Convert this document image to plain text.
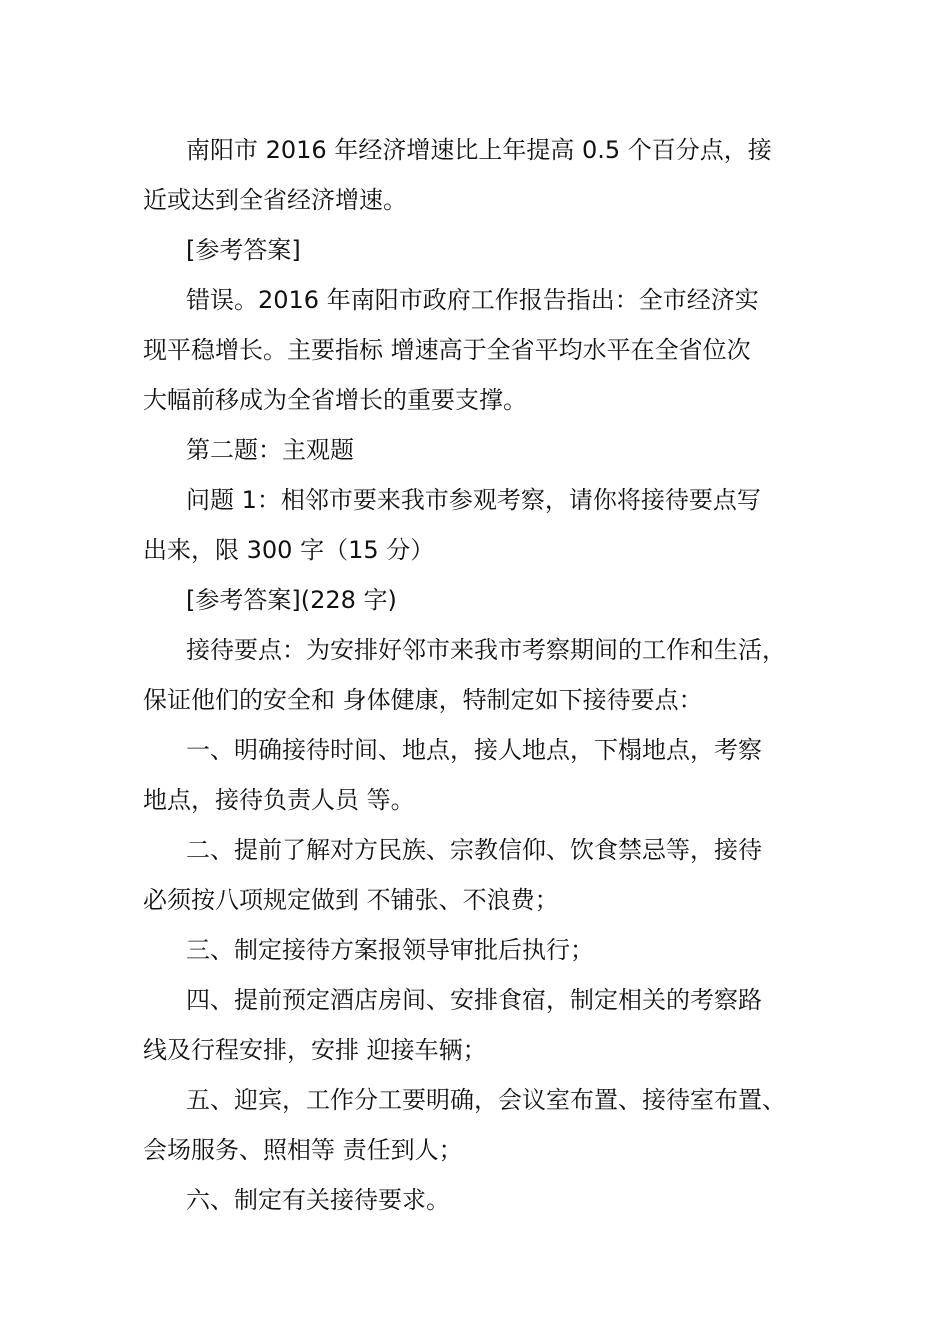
南阳市 2016 年经济增速比上年提高 0.5 个百分点，接
近或达到全省经济增速。
[参考答案]
错误。2016 年南阳市政府工作报告指出：全市经济实
现平稳增长。主要指标 增速高于全省平均水平在全省位次
大幅前移成为全省增长的重要支撑。
第二题：主观题
问题 1：相邻市要来我市参观考察，请你将接待要点写
出来，限 300 字（15 分）
[参考答案](228 字)
接待要点：为安排好邻市来我市考察期间的工作和生活，
保证他们的安全和 身体健康，特制定如下接待要点：
一、明确接待时间、地点，接人地点，下榻地点，考察
地点，接待负责人员 等。
二、提前了解对方民族、宗教信仰、饮食禁忌等，接待
必须按八项规定做到 不铺张、不浪费；
三、制定接待方案报领导审批后执行；
四、提前预定酒店房间、安排食宿，制定相关的考察路
线及行程安排，安排 迎接车辆；
五、迎宾，工作分工要明确，会议室布置、接待室布置、
会场服务、照相等 责任到人；
六、制定有关接待要求。
